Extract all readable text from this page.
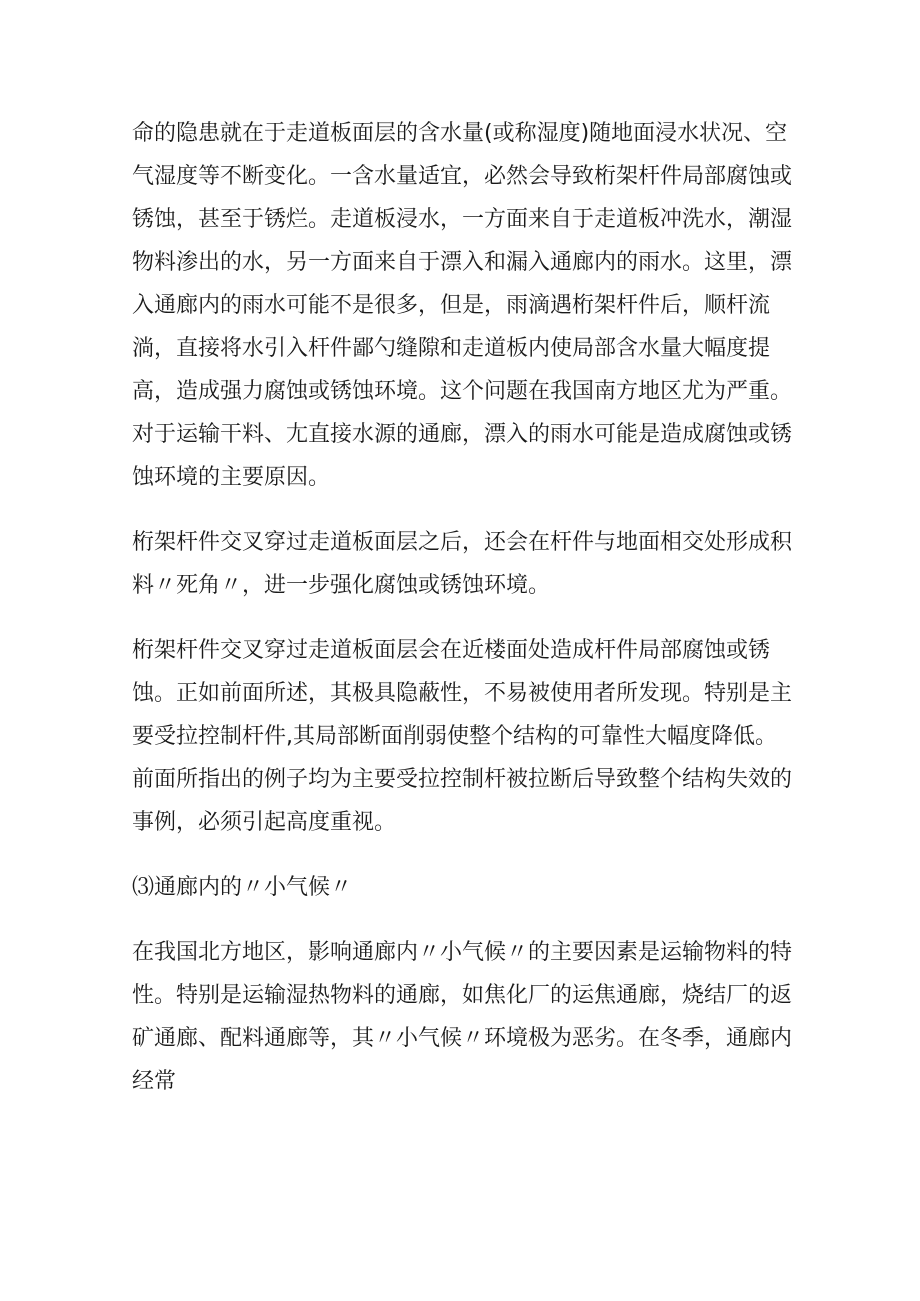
命的隐患就在于走道板面层的含水量(或称湿度)随地面浸水状况、空气湿度等不断变化。一含水量适宜，必然会导致桁架杆件局部腐蚀或锈蚀，甚至于锈烂。走道板浸水，一方面来自于走道板冲洗水，潮湿物料渗出的水，另一方面来自于漂入和漏入通廊内的雨水。这里，漂入通廊内的雨水可能不是很多，但是，雨滴遇桁架杆件后，顺杆流淌，直接将水引入杆件鄙勺缝隙和走道板内使局部含水量大幅度提高，造成强力腐蚀或锈蚀环境。这个问题在我国南方地区尤为严重。对于运输干料、尢直接水源的通廊，漂入的雨水可能是造成腐蚀或锈蚀环境的主要原因。

桁架杆件交叉穿过走道板面层之后，还会在杆件与地面相交处形成积料〃死角〃，进一步强化腐蚀或锈蚀环境。

桁架杆件交叉穿过走道板面层会在近楼面处造成杆件局部腐蚀或锈蚀。正如前面所述，其极具隐蔽性，不易被使用者所发现。特别是主要受拉控制杆件,其局部断面削弱使整个结构的可靠性大幅度降低。前面所指出的例子均为主要受拉控制杆被拉断后导致整个结构失效的事例，必须引起高度重视。

⑶通廊内的〃小气候〃

在我国北方地区，影响通廊内〃小气候〃的主要因素是运输物料的特性。特别是运输湿热物料的通廊，如焦化厂的运焦通廊，烧结厂的返矿通廊、配料通廊等，其〃小气候〃环境极为恶劣。在冬季，通廊内经常
